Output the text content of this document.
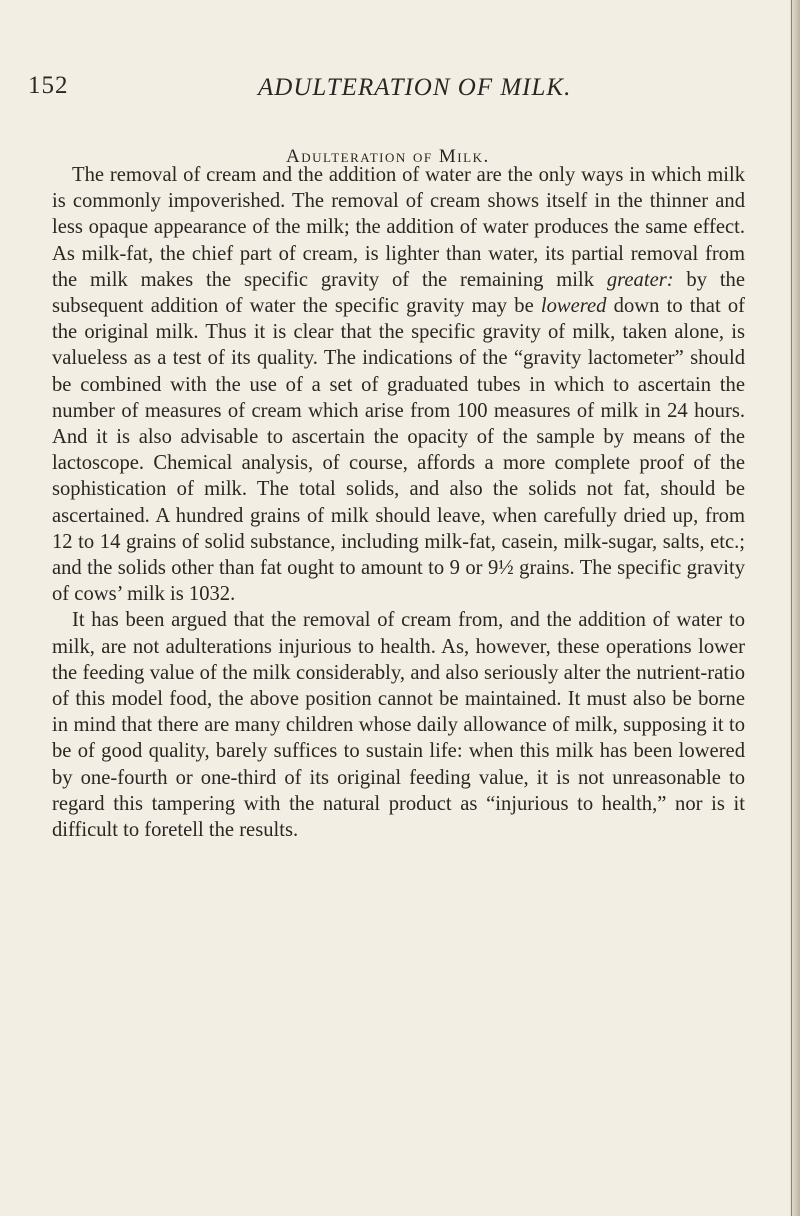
152	ADULTERATION OF MILK.
Adulteration of Milk.

The removal of cream and the addition of water are the only ways in which milk is commonly impoverished. The removal of cream shows itself in the thinner and less opaque appearance of the milk; the addition of water produces the same effect. As milk-fat, the chief part of cream, is lighter than water, its partial removal from the milk makes the specific gravity of the remaining milk greater: by the subsequent addition of water the specific gravity may be lowered down to that of the original milk. Thus it is clear that the specific gravity of milk, taken alone, is valueless as a test of its quality. The indications of the “gravity lactometer” should be combined with the use of a set of graduated tubes in which to ascertain the number of measures of cream which arise from 100 measures of milk in 24 hours. And it is also advisable to ascertain the opacity of the sample by means of the lactoscope. Chemical analysis, of course, affords a more complete proof of the sophistication of milk. The total solids, and also the solids not fat, should be ascertained. A hundred grains of milk should leave, when carefully dried up, from 12 to 14 grains of solid substance, including milk-fat, casein, milk-sugar, salts, etc.; and the solids other than fat ought to amount to 9 or 9½ grains. The specific gravity of cows’ milk is 1032.

It has been argued that the removal of cream from, and the addition of water to milk, are not adulterations injurious to health. As, however, these operations lower the feeding value of the milk considerably, and also seriously alter the nutrient-ratio of this model food, the above position cannot be maintained. It must also be borne in mind that there are many children whose daily allowance of milk, supposing it to be of good quality, barely suffices to sustain life: when this milk has been lowered by one-fourth or one-third of its original feeding value, it is not unreasonable to regard this tampering with the natural product as “injurious to health,” nor is it difficult to foretell the results.
